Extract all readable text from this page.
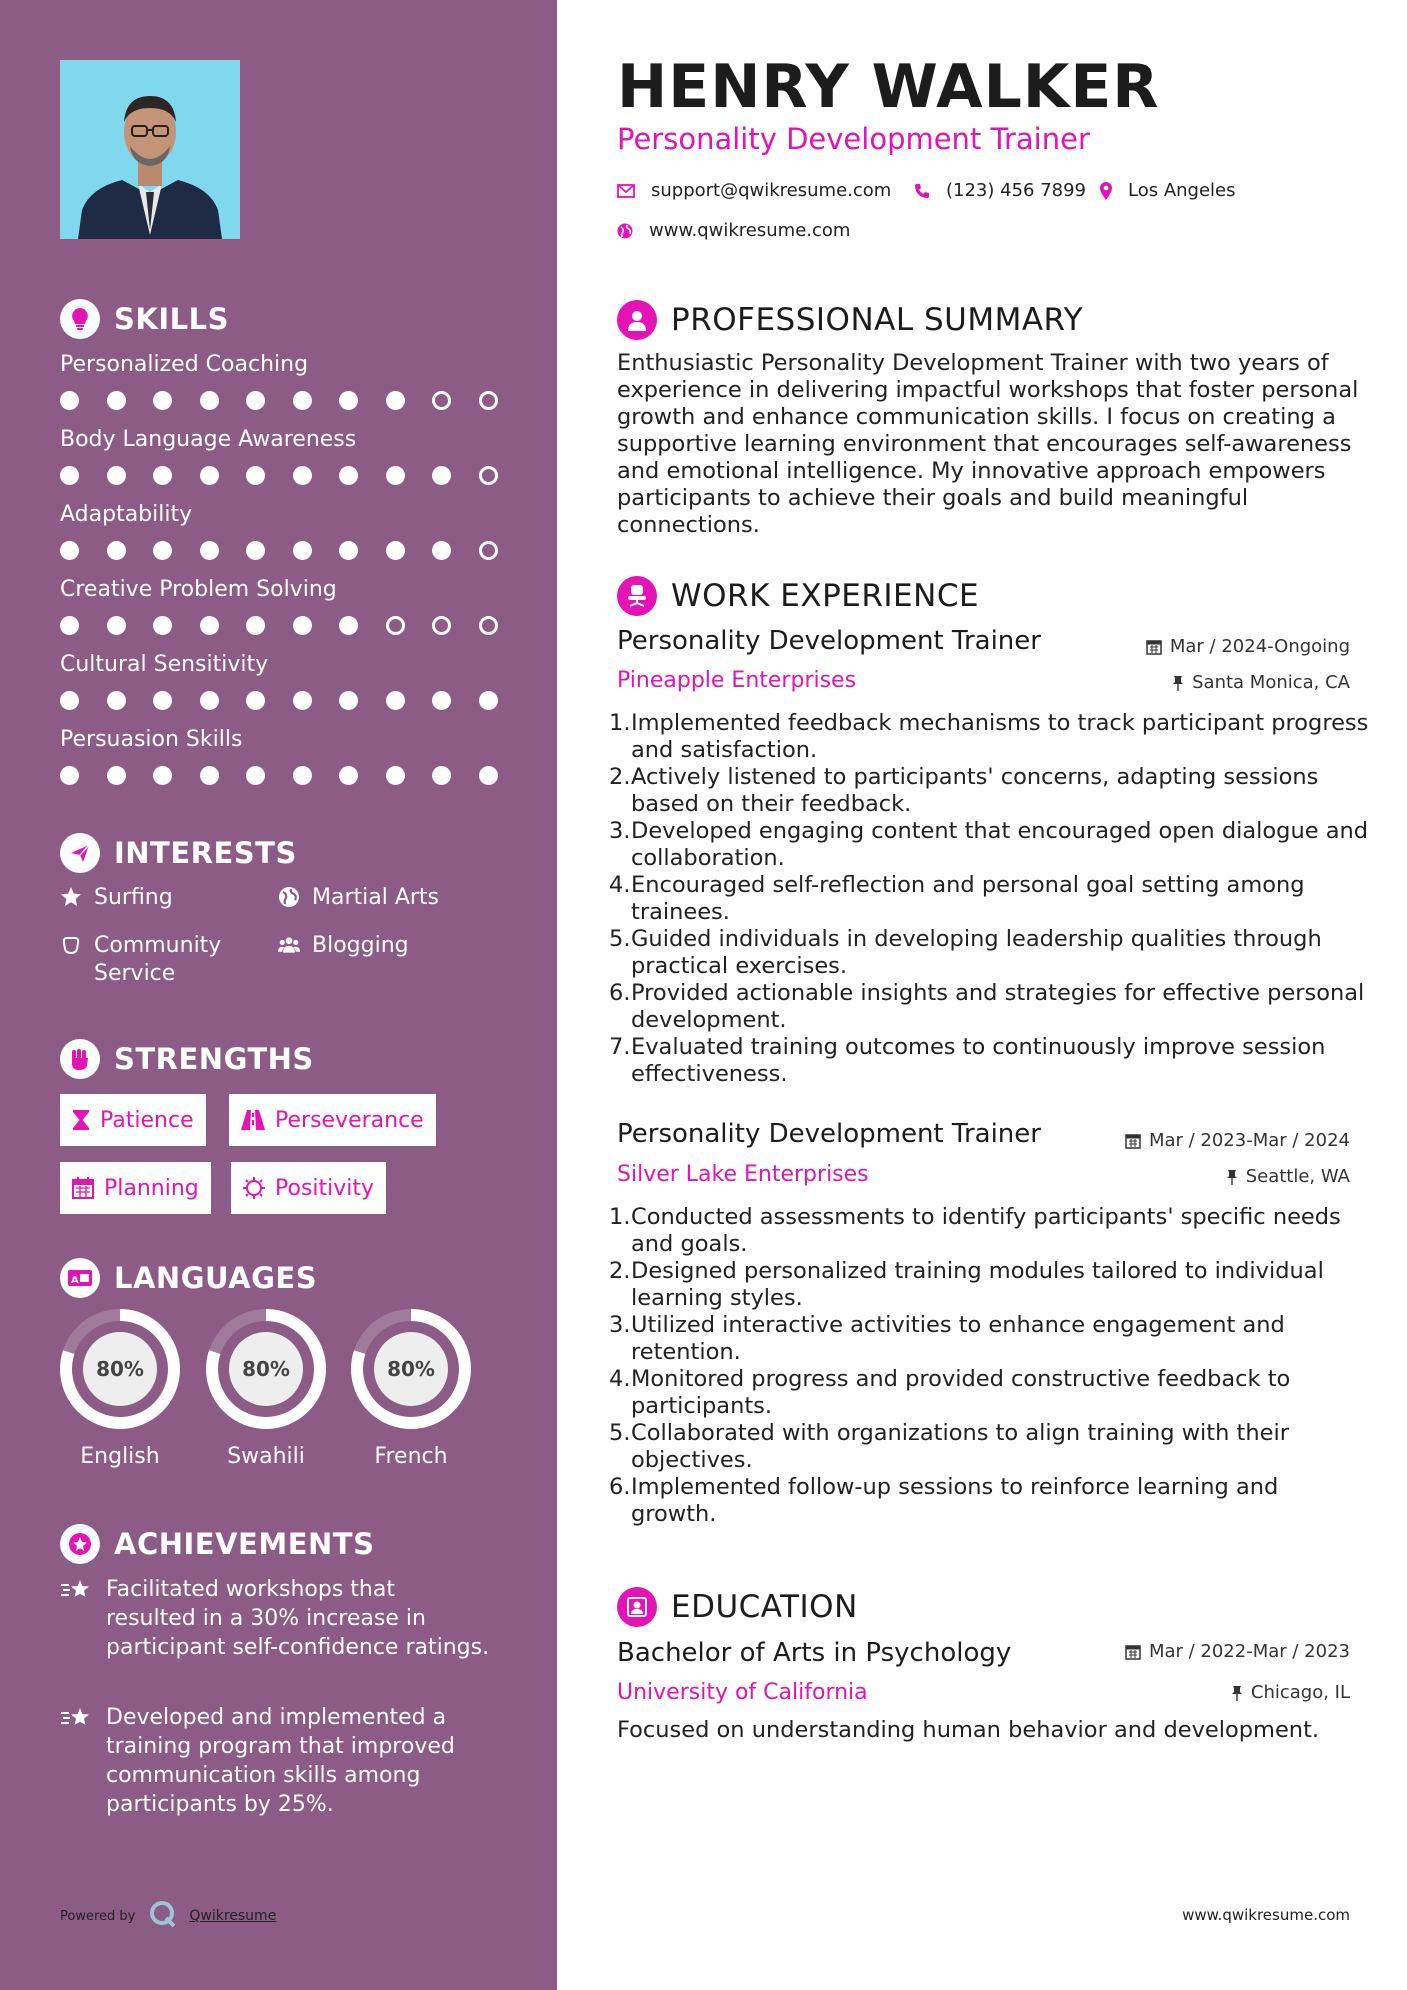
SKILLS
Personalized Coaching
Body Language Awareness
Adaptability
Creative Problem Solving
Cultural Sensitivity
Persuasion Skills
INTERESTS
Surfing	Martial Arts
Community Service
Blogging
STRENGTHS
Patience	Perseverance
Planning	Positivity
A LANGUAGES
80%
English
80%
Swahili
80%
French
ACHIEVEMENTS
Facilitated workshops that resulted in a 30% increase in participant self-confidence ratings.
Developed and implemented a training program that improved communication skills among participants by 25%.
Powered by	Qwikresume
HENRY WALKER
Personality Development Trainer
support@qwikresume.com	(123) 456 7899 Los Angeles
www.qwikresume.com
PROFESSIONAL SUMMARY
Enthusiastic Personality Development Trainer with two years of experience in delivering impactful workshops that foster personal growth and enhance communication skills. I focus on creating a supportive learning environment that encourages self-awareness and emotional intelligence. My innovative approach empowers participants to achieve their goals and build meaningful connections.
WORK EXPERIENCE
Personality Development Trainer	Mar / 2024-Ongoing
Pineapple Enterprises	Santa Monica, CA
1. Implemented feedback mechanisms to track participant progress and satisfaction.
2. Actively listened to participants' concerns, adapting sessions based on their feedback.
3. Developed engaging content that encouraged open dialogue and collaboration.
4. Encouraged self-reflection and personal goal setting among trainees.
5. Guided individuals in developing leadership qualities through practical exercises.
6. Provided actionable insights and strategies for effective personal development.
7. Evaluated training outcomes to continuously improve session effectiveness.
Personality Development Trainer	Mar / 2023-Mar / 2024
Silver Lake Enterprises	Seattle, WA
1. Conducted assessments to identify participants' specific needs and goals.
2. Designed personalized training modules tailored to individual learning styles.
3. Utilized interactive activities to enhance engagement and retention.
4. Monitored progress and provided constructive feedback to participants.
5. Collaborated with organizations to align training with their objectives.
6. Implemented follow-up sessions to reinforce learning and growth.
EDUCATION
Bachelor of Arts in Psychology	Mar / 2022-Mar / 2023
University of California	Chicago, IL
Focused on understanding human behavior and development.
www.qwikresume.com
